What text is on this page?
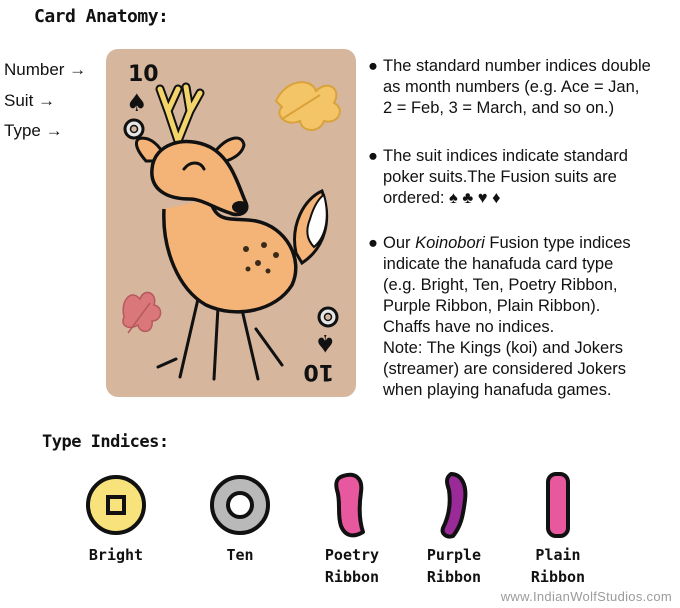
Card Anatomy:
Number →
Suit →
Type →
10
♠
10
♠
● The standard number indices double
as month numbers (e.g. Ace = Jan,
2 = Feb, 3 = March, and so on.)
● The suit indices indicate standard
poker suits.The Fusion suits are
ordered: ♠ ♣ ♥ ♦
● Our Koinobori Fusion type indices
indicate the hanafuda card type
(e.g. Bright, Ten, Poetry Ribbon,
Purple Ribbon, Plain Ribbon).
Chaffs have no indices.
Note: The Kings (koi) and Jokers
(streamer) are considered Jokers
when playing hanafuda games.
Type Indices:
Bright	Ten	Poetry
Ribbon
Purple
Ribbon
Plain
Ribbon
www.IndianWolfStudios.com
